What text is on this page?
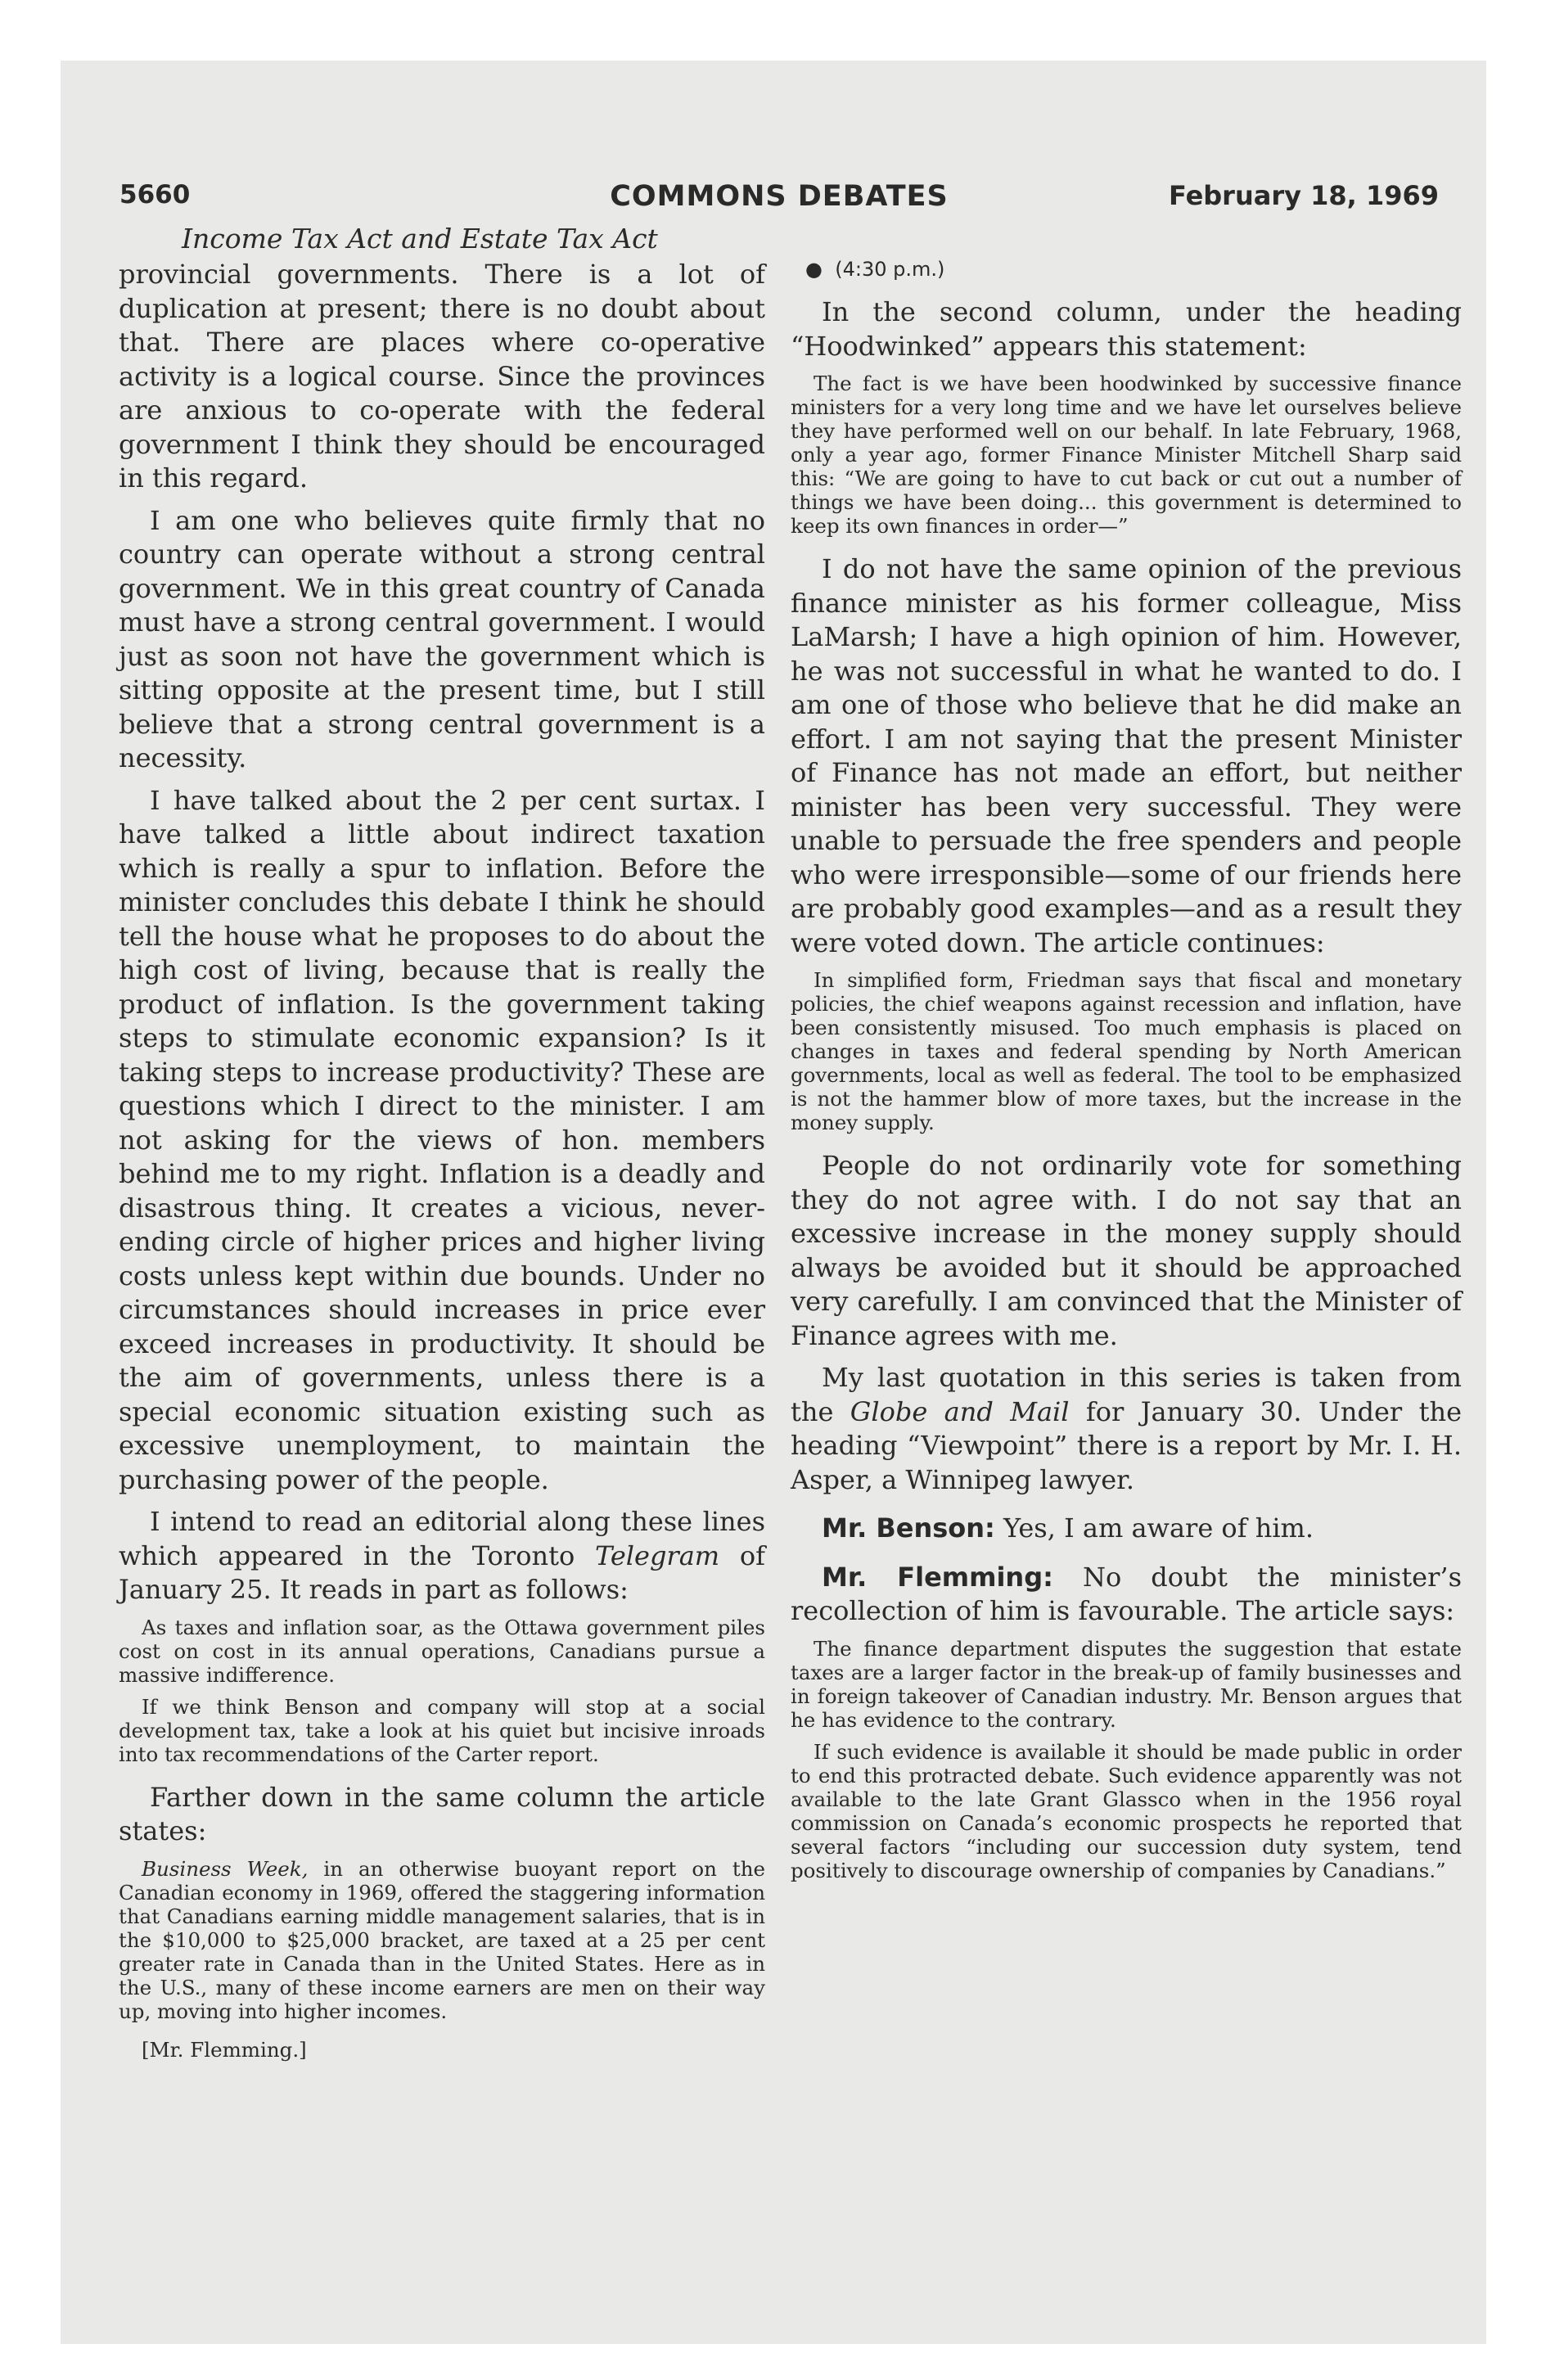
5660	COMMONS DEBATES	February 18, 1969
Income Tax Act and Estate Tax Act

provincial governments. There is a lot of duplication at present; there is no doubt about that. There are places where co-operative activity is a logical course. Since the provinces are anxious to co-operate with the federal government I think they should be encouraged in this regard.

I am one who believes quite firmly that no country can operate without a strong central government. We in this great country of Canada must have a strong central government. I would just as soon not have the government which is sitting opposite at the present time, but I still believe that a strong central government is a necessity.

I have talked about the 2 per cent surtax. I have talked a little about indirect taxation which is really a spur to inflation. Before the minister concludes this debate I think he should tell the house what he proposes to do about the high cost of living, because that is really the product of inflation. Is the government taking steps to stimulate economic expansion? Is it taking steps to increase productivity? These are questions which I direct to the minister. I am not asking for the views of hon. members behind me to my right. Inflation is a deadly and disastrous thing. It creates a vicious, never-ending circle of higher prices and higher living costs unless kept within due bounds. Under no circumstances should increases in price ever exceed increases in productivity. It should be the aim of governments, unless there is a special economic situation existing such as excessive unemployment, to maintain the purchasing power of the people.

I intend to read an editorial along these lines which appeared in the Toronto Telegram of January 25. It reads in part as follows:

As taxes and inflation soar, as the Ottawa government piles cost on cost in its annual operations, Canadians pursue a massive indifference.

If we think Benson and company will stop at a social development tax, take a look at his quiet but incisive inroads into tax recommendations of the Carter report.

Farther down in the same column the article states:

Business Week, in an otherwise buoyant report on the Canadian economy in 1969, offered the staggering information that Canadians earning middle management salaries, that is in the $10,000 to $25,000 bracket, are taxed at a 25 per cent greater rate in Canada than in the United States. Here as in the U.S., many of these income earners are men on their way up, moving into higher incomes.

[Mr. Flemming.]

● (4:30 p.m.)

In the second column, under the heading “Hoodwinked” appears this statement:

The fact is we have been hoodwinked by successive finance ministers for a very long time and we have let ourselves believe they have performed well on our behalf. In late February, 1968, only a year ago, former Finance Minister Mitchell Sharp said this: “We are going to have to cut back or cut out a number of things we have been doing... this government is determined to keep its own finances in order—”

I do not have the same opinion of the previous finance minister as his former colleague, Miss LaMarsh; I have a high opinion of him. However, he was not successful in what he wanted to do. I am one of those who believe that he did make an effort. I am not saying that the present Minister of Finance has not made an effort, but neither minister has been very successful. They were unable to persuade the free spenders and people who were irresponsible—some of our friends here are probably good examples—and as a result they were voted down. The article continues:

In simplified form, Friedman says that fiscal and monetary policies, the chief weapons against recession and inflation, have been consistently misused. Too much emphasis is placed on changes in taxes and federal spending by North American governments, local as well as federal. The tool to be emphasized is not the hammer blow of more taxes, but the increase in the money supply.

People do not ordinarily vote for something they do not agree with. I do not say that an excessive increase in the money supply should always be avoided but it should be approached very carefully. I am convinced that the Minister of Finance agrees with me.

My last quotation in this series is taken from the Globe and Mail for January 30. Under the heading “Viewpoint” there is a report by Mr. I. H. Asper, a Winnipeg lawyer.

Mr. Benson: Yes, I am aware of him.

Mr. Flemming: No doubt the minister’s recollection of him is favourable. The article says:

The finance department disputes the suggestion that estate taxes are a larger factor in the break-up of family businesses and in foreign takeover of Canadian industry. Mr. Benson argues that he has evidence to the contrary.

If such evidence is available it should be made public in order to end this protracted debate. Such evidence apparently was not available to the late Grant Glassco when in the 1956 royal commission on Canada’s economic prospects he reported that several factors “including our succession duty system, tend positively to discourage ownership of companies by Canadians.”
